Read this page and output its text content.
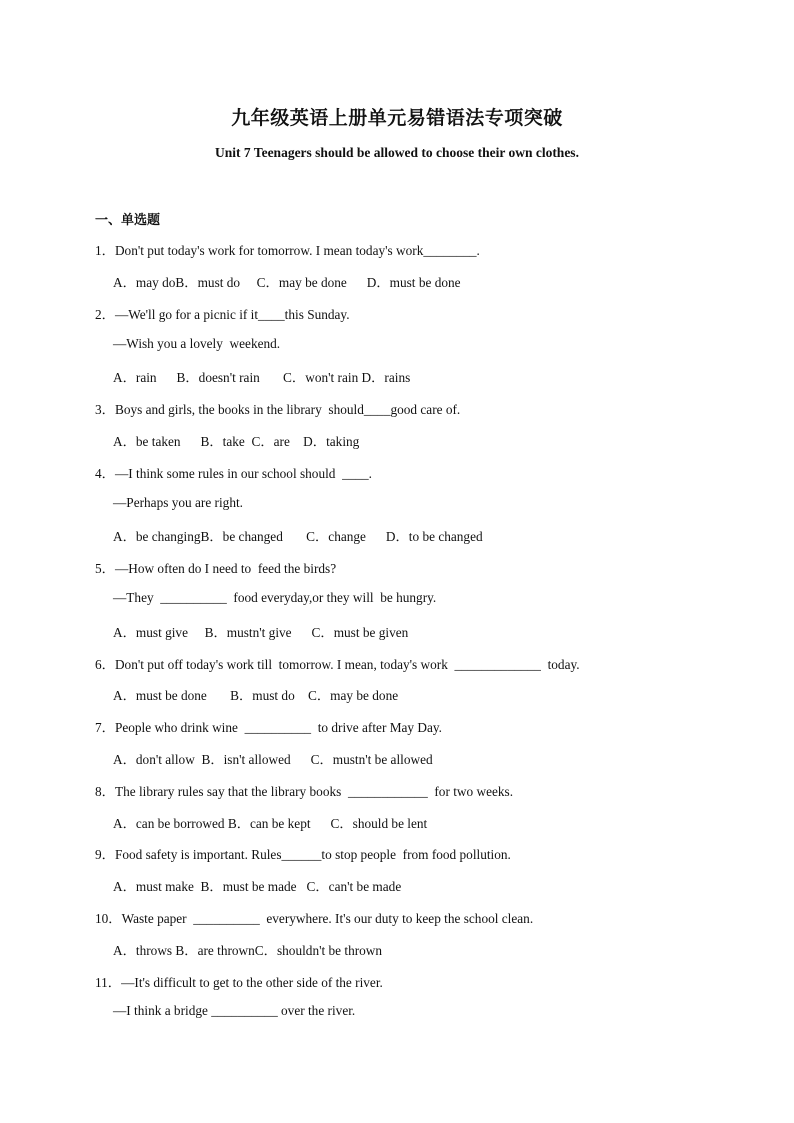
九年级英语上册单元易错语法专项突破
Unit 7 Teenagers should be allowed to choose their own clothes.
一、单选题
1．Don't put today's work for tomorrow. I mean today's work________.
A．may doB．must do     C．may be done      D．must be done
2．—We'll go for a picnic if it____this Sunday.
—Wish you a lovely  weekend.
A．rain      B．doesn't rain       C．won't rain D．rains
3．Boys and girls, the books in the library  should____good care of.
A．be taken      B．take  C．are    D．taking
4．—I think some rules in our school should  ____.
—Perhaps you are right.
A．be changingB．be changed       C．change      D．to be changed
5．—How often do I need to  feed the birds?
—They  __________  food everyday,or they will  be hungry.
A．must give     B．mustn't give      C．must be given
6．Don't put off today's work till  tomorrow. I mean, today's work  _____________  today.
A．must be done       B．must do    C．may be done
7．People who drink wine  __________  to drive after May Day.
A．don't allow  B．isn't allowed      C．mustn't be allowed
8．The library rules say that the library books  ____________  for two weeks.
A．can be borrowed B．can be kept      C．should be lent
9．Food safety is important. Rules______to stop people  from food pollution.
A．must make  B．must be made   C．can't be made
10．Waste paper  __________  everywhere. It's our duty to keep the school clean.
A．throws B．are thrownC．shouldn't be thrown
11．—It's difficult to get to the other side of the river.
—I think a bridge __________ over the river.
